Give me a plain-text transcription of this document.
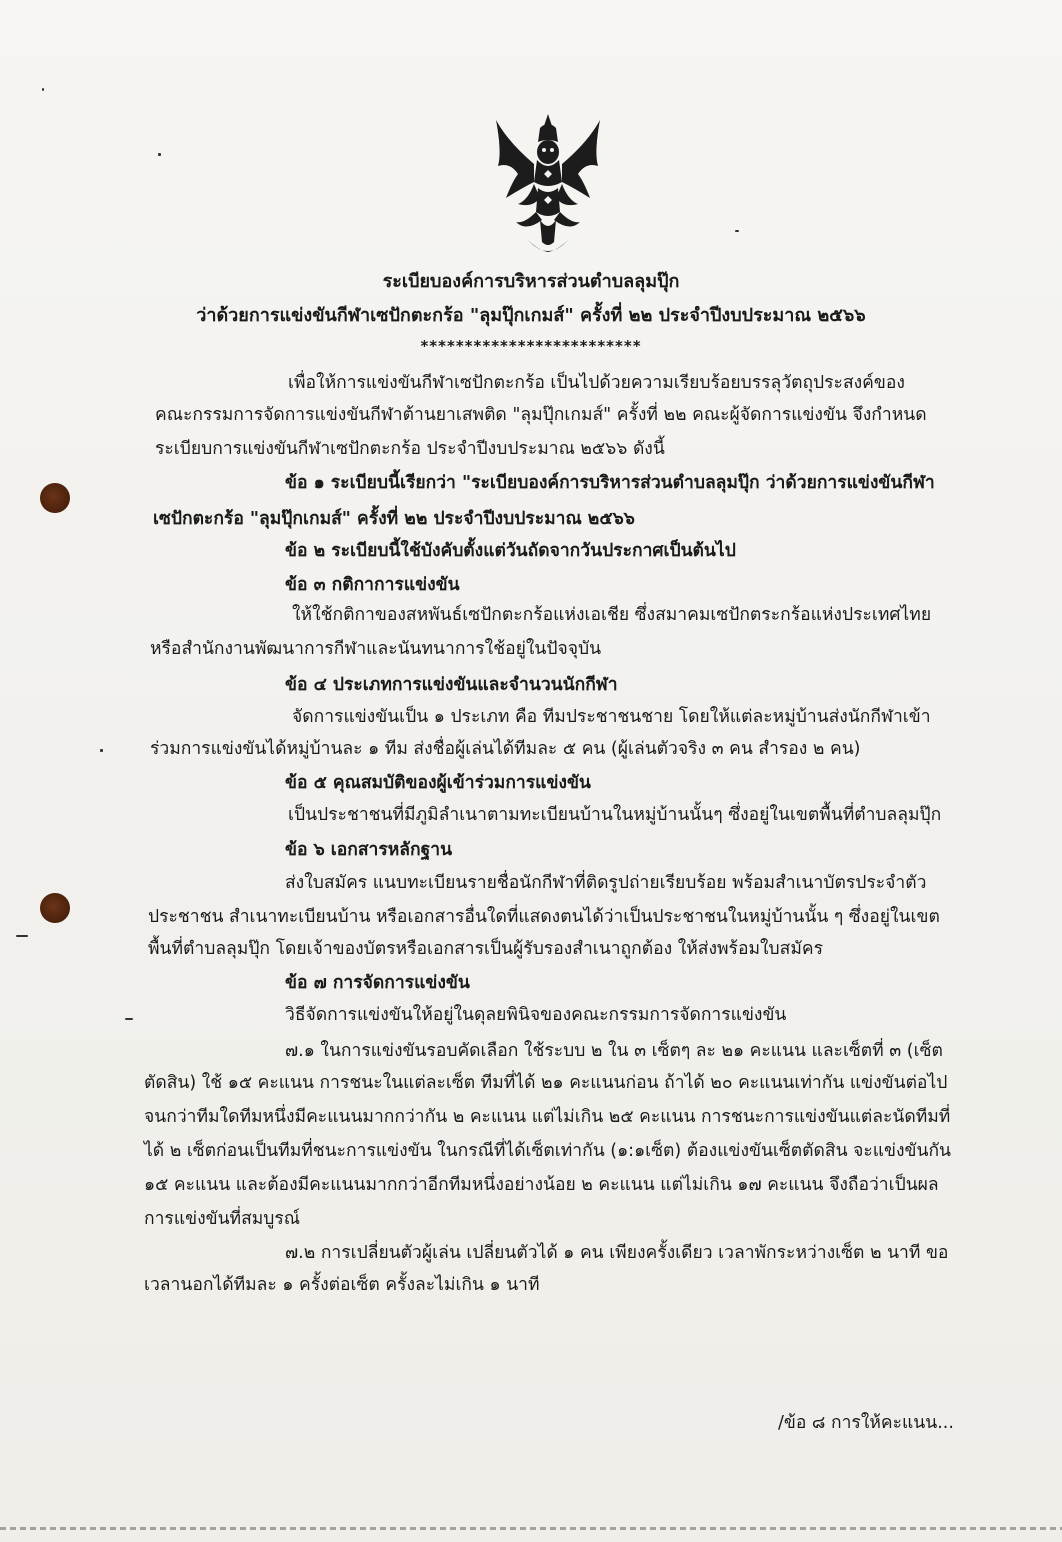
ระเบียบองค์การบริหารส่วนตำบลลุมปุ๊ก
ว่าด้วยการแข่งขันกีฬาเซปักตะกร้อ "ลุมปุ๊กเกมส์" ครั้งที่ ๒๒ ประจำปีงบประมาณ ๒๕๖๖
*************************
เพื่อให้การแข่งขันกีฬาเซปักตะกร้อ เป็นไปด้วยความเรียบร้อยบรรลุวัตถุประสงค์ของ
คณะกรรมการจัดการแข่งขันกีฬาต้านยาเสพติด "ลุมปุ๊กเกมส์" ครั้งที่ ๒๒ คณะผู้จัดการแข่งขัน จึงกำหนด
ระเบียบการแข่งขันกีฬาเซปักตะกร้อ ประจำปีงบประมาณ ๒๕๖๖ ดังนี้
ข้อ ๑ ระเบียบนี้เรียกว่า "ระเบียบองค์การบริหารส่วนตำบลลุมปุ๊ก ว่าด้วยการแข่งขันกีฬา
เซปักตะกร้อ "ลุมปุ๊กเกมส์" ครั้งที่ ๒๒ ประจำปีงบประมาณ ๒๕๖๖
ข้อ ๒ ระเบียบนี้ใช้บังคับตั้งแต่วันถัดจากวันประกาศเป็นต้นไป
ข้อ ๓ กติกาการแข่งขัน
ให้ใช้กติกาของสหพันธ์เซปักตะกร้อแห่งเอเชีย ซึ่งสมาคมเซปักตระกร้อแห่งประเทศไทย
หรือสำนักงานพัฒนาการกีฬาและนันทนาการใช้อยู่ในปัจจุบัน
ข้อ ๔ ประเภทการแข่งขันและจำนวนนักกีฬา
จัดการแข่งขันเป็น ๑ ประเภท คือ ทีมประชาชนชาย โดยให้แต่ละหมู่บ้านส่งนักกีฬาเข้า
ร่วมการแข่งขันได้หมู่บ้านละ ๑ ทีม ส่งชื่อผู้เล่นได้ทีมละ ๕ คน (ผู้เล่นตัวจริง ๓ คน สำรอง ๒ คน)
ข้อ ๕ คุณสมบัติของผู้เข้าร่วมการแข่งขัน
เป็นประชาชนที่มีภูมิลำเนาตามทะเบียนบ้านในหมู่บ้านนั้นๆ ซึ่งอยู่ในเขตพื้นที่ตำบลลุมปุ๊ก
ข้อ ๖ เอกสารหลักฐาน
ส่งใบสมัคร แนบทะเบียนรายชื่อนักกีฬาที่ติดรูปถ่ายเรียบร้อย พร้อมสำเนาบัตรประจำตัว
ประชาชน สำเนาทะเบียนบ้าน หรือเอกสารอื่นใดที่แสดงตนได้ว่าเป็นประชาชนในหมู่บ้านนั้น ๆ ซึ่งอยู่ในเขต
พื้นที่ตำบลลุมปุ๊ก โดยเจ้าของบัตรหรือเอกสารเป็นผู้รับรองสำเนาถูกต้อง ให้ส่งพร้อมใบสมัคร
ข้อ ๗ การจัดการแข่งขัน
วิธีจัดการแข่งขันให้อยู่ในดุลยพินิจของคณะกรรมการจัดการแข่งขัน
๗.๑ ในการแข่งขันรอบคัดเลือก ใช้ระบบ ๒ ใน ๓ เซ็ตๆ ละ ๒๑ คะแนน และเซ็ตที่ ๓ (เซ็ต
ตัดสิน) ใช้ ๑๕ คะแนน การชนะในแต่ละเซ็ต ทีมที่ได้ ๒๑ คะแนนก่อน ถ้าได้ ๒๐ คะแนนเท่ากัน แข่งขันต่อไป
จนกว่าทีมใดทีมหนึ่งมีคะแนนมากกว่ากัน ๒ คะแนน แต่ไม่เกิน ๒๕ คะแนน การชนะการแข่งขันแต่ละนัดทีมที่
ได้ ๒ เซ็ตก่อนเป็นทีมที่ชนะการแข่งขัน ในกรณีที่ได้เซ็ตเท่ากัน (๑:๑เซ็ต) ต้องแข่งขันเซ็ตตัดสิน จะแข่งขันกัน
๑๕ คะแนน และต้องมีคะแนนมากกว่าอีกทีมหนึ่งอย่างน้อย ๒ คะแนน แต่ไม่เกิน ๑๗ คะแนน จึงถือว่าเป็นผล
การแข่งขันที่สมบูรณ์
๗.๒ การเปลี่ยนตัวผู้เล่น เปลี่ยนตัวได้ ๑ คน เพียงครั้งเดียว เวลาพักระหว่างเซ็ต ๒ นาที ขอ
เวลานอกได้ทีมละ ๑ ครั้งต่อเซ็ต ครั้งละไม่เกิน ๑ นาที
/ข้อ ๘ การให้คะแนน...
